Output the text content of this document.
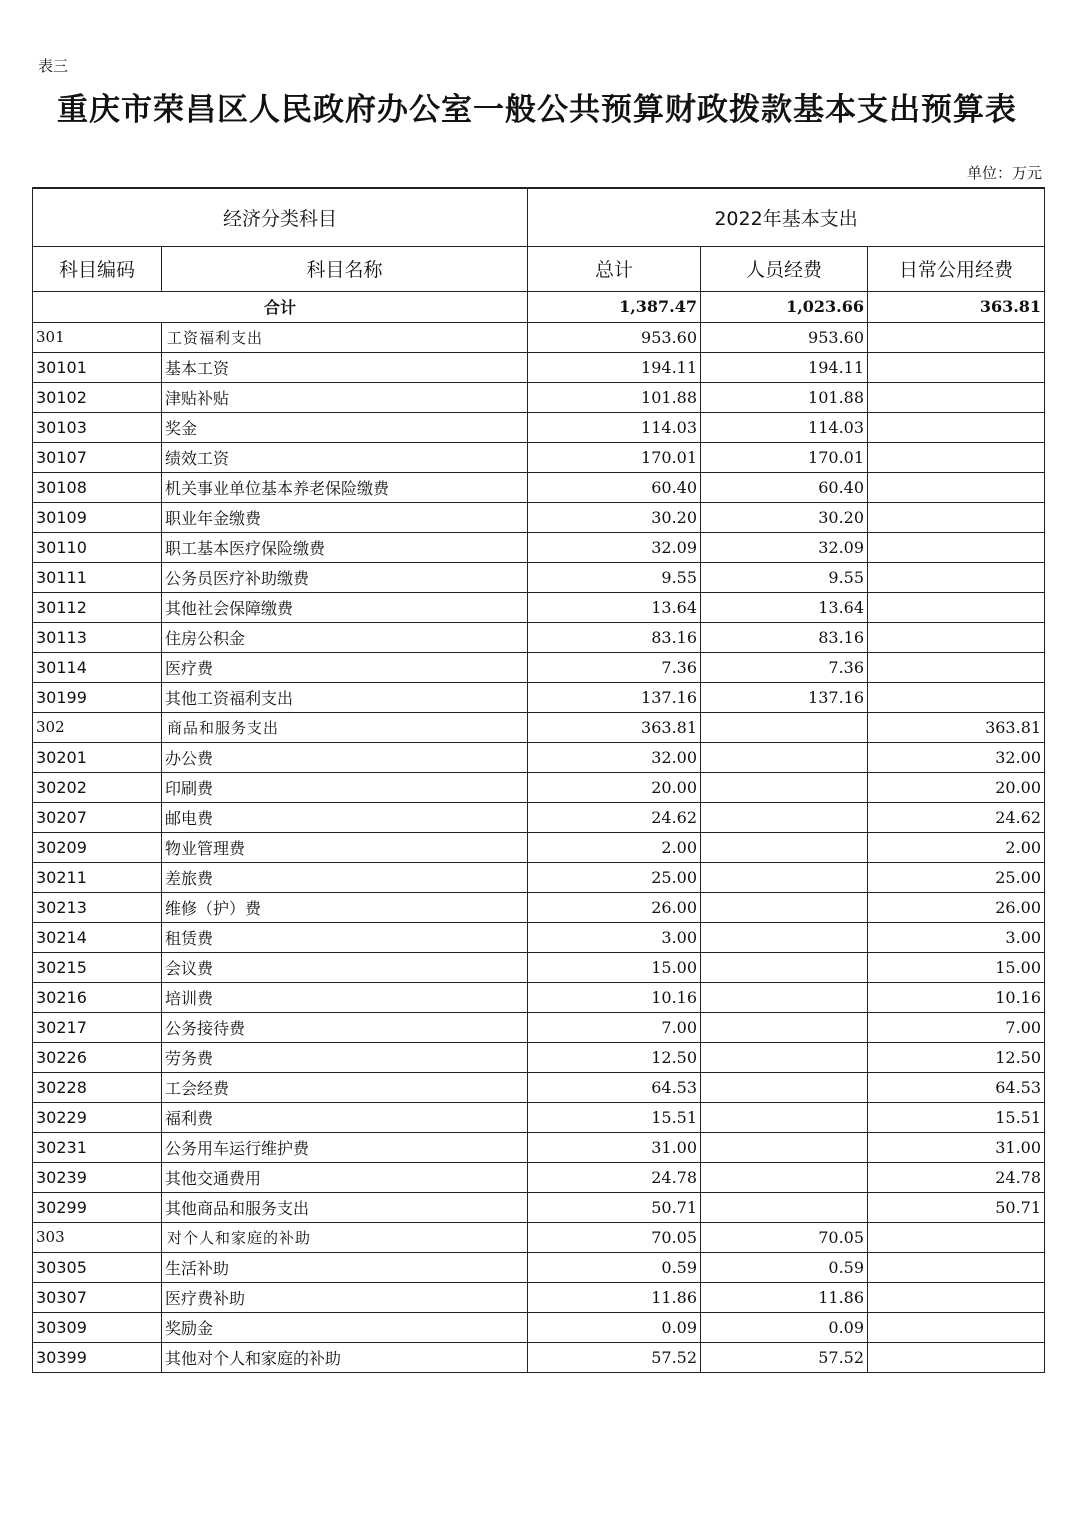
表三
重庆市荣昌区人民政府办公室一般公共预算财政拨款基本支出预算表
单位：万元
经济分类科目		2022年基本支出		
科目编码	科目名称	总计	人员经费	日常公用经费
合计		1,387.47	1,023.66	363.81
301	工资福利支出	953.60	953.60	
30101	基本工资	194.11	194.11	
30102	津贴补贴	101.88	101.88	
30103	奖金	114.03	114.03	
30107	绩效工资	170.01	170.01	
30108	机关事业单位基本养老保险缴费	60.40	60.40	
30109	职业年金缴费	30.20	30.20	
30110	职工基本医疗保险缴费	32.09	32.09	
30111	公务员医疗补助缴费	9.55	9.55	
30112	其他社会保障缴费	13.64	13.64	
30113	住房公积金	83.16	83.16	
30114	医疗费	7.36	7.36	
30199	其他工资福利支出	137.16	137.16	
302	商品和服务支出	363.81		363.81
30201	办公费	32.00		32.00
30202	印刷费	20.00		20.00
30207	邮电费	24.62		24.62
30209	物业管理费	2.00		2.00
30211	差旅费	25.00		25.00
30213	维修（护）费	26.00		26.00
30214	租赁费	3.00		3.00
30215	会议费	15.00		15.00
30216	培训费	10.16		10.16
30217	公务接待费	7.00		7.00
30226	劳务费	12.50		12.50
30228	工会经费	64.53		64.53
30229	福利费	15.51		15.51
30231	公务用车运行维护费	31.00		31.00
30239	其他交通费用	24.78		24.78
30299	其他商品和服务支出	50.71		50.71
303	对个人和家庭的补助	70.05	70.05	
30305	生活补助	0.59	0.59	
30307	医疗费补助	11.86	11.86	
30309	奖励金	0.09	0.09	
30399	其他对个人和家庭的补助	57.52	57.52	
